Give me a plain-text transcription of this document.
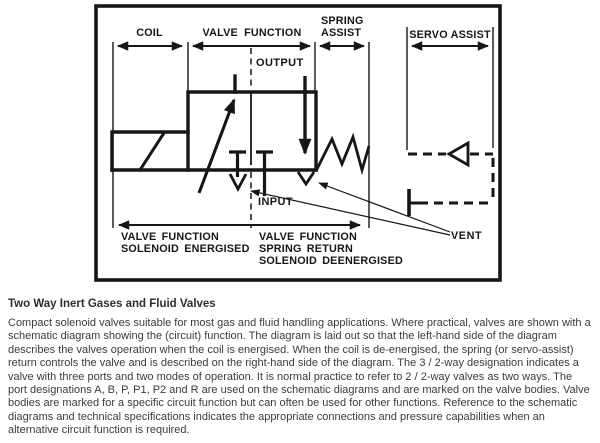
COIL	VALVE FUNCTION
SPRING
ASSIST	SERVO ASSIST
OUTPUT
INPUT
VENT
VALVE FUNCTION
SOLENOID ENERGISED
VALVE FUNCTION
SPRING RETURN
SOLENOID DEENERGISED

Two Way Inert Gases and Fluid Valves

Compact solenoid valves suitable for most gas and fluid handling applications. Where practical, valves are shown with a schematic diagram showing the (circuit) function. The diagram is laid out so that the left-hand side of the diagram describes the valves operation when the coil is energised. When the coil is de-energised, the spring (or servo-assist) return controls the valve and is described on the right-hand side of the diagram. The 3 / 2-way designation indicates a valve with three ports and two modes of operation. It is normal practice to refer to 2 / 2-way valves as two ways. The port designations A, B, P, P1, P2 and R are used on the schematic diagrams and are marked on the valve bodies. Valve bodies are marked for a specific circuit function but can often be used for other functions. Reference to the schematic diagrams and technical specifications indicates the appropriate connections and pressure capabilities when an alternative circuit function is required.
